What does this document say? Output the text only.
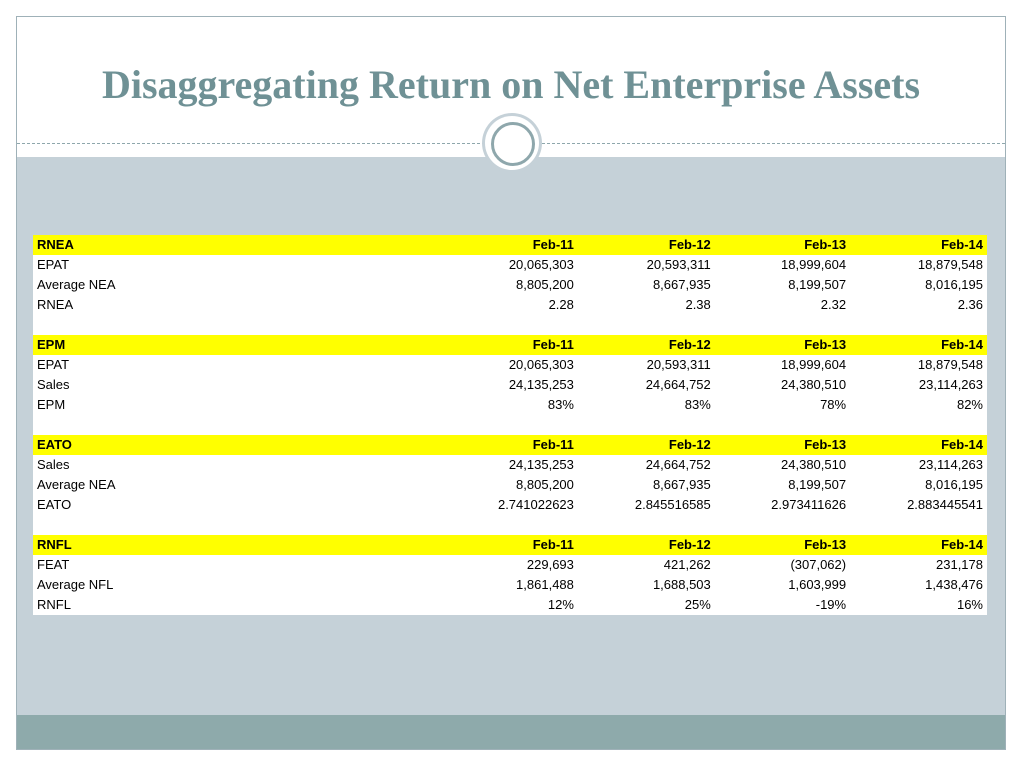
Disaggregating Return on Net Enterprise Assets
RNEA	Feb-11	Feb-12	Feb-13	Feb-14
EPAT	20,065,303	20,593,311	18,999,604	18,879,548
Average NEA	8,805,200	8,667,935	8,199,507	8,016,195
RNEA	2.28	2.38	2.32	2.36

EPM	Feb-11	Feb-12	Feb-13	Feb-14
EPAT	20,065,303	20,593,311	18,999,604	18,879,548
Sales	24,135,253	24,664,752	24,380,510	23,114,263
EPM	83%	83%	78%	82%

EATO	Feb-11	Feb-12	Feb-13	Feb-14
Sales	24,135,253	24,664,752	24,380,510	23,114,263
Average NEA	8,805,200	8,667,935	8,199,507	8,016,195
EATO	2.741022623	2.845516585	2.973411626	2.883445541

RNFL	Feb-11	Feb-12	Feb-13	Feb-14
FEAT	229,693	421,262	(307,062)	231,178
Average NFL	1,861,488	1,688,503	1,603,999	1,438,476
RNFL	12%	25%	-19%	16%
